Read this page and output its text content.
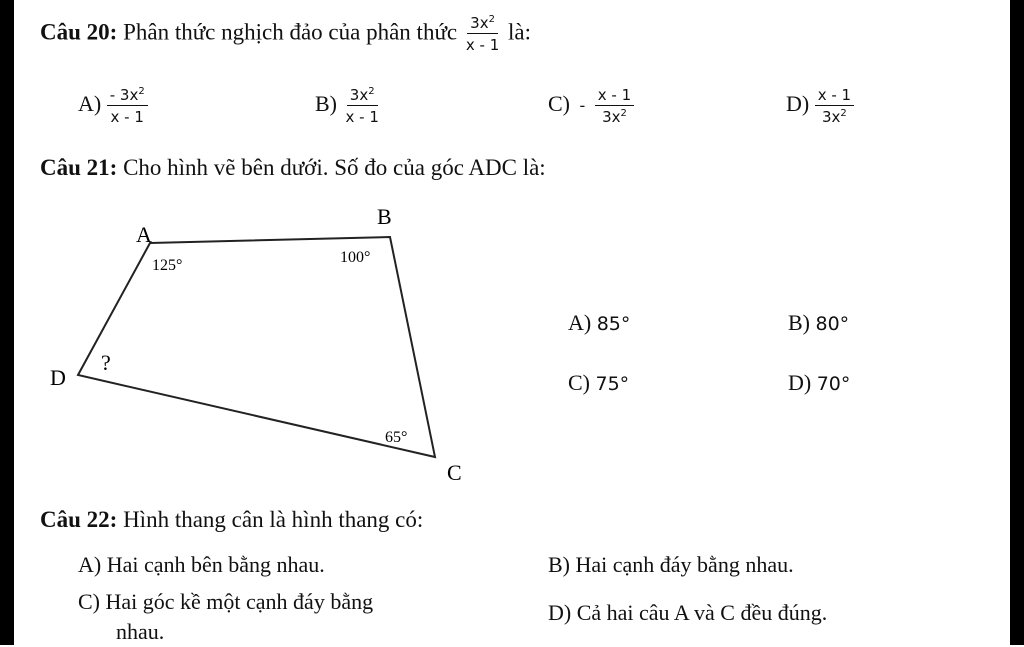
Câu 20: Phân thức nghịch đảo của phân thức $\frac{3x^2}{x - 1}$ là:
$A) \frac{- 3x^2}{x - 1}$	$B) \frac{3x^2}{x - 1}$	$C) - \frac{x - 1}{3x^2}$	$D) \frac{x - 1}{3x^2}$
Câu 21: Cho hình vẽ bên dưới. Số đo của góc ADC là:
A
B
C
D
125°	100°
65°
?
A) 85°	B) 80°
C) 75°	D) 70°
Câu 22: Hình thang cân là hình thang có:
A) Hai cạnh bên bằng nhau.	B) Hai cạnh đáy bằng nhau.
C) Hai góc kề một cạnh đáy bằng
nhau.
D) Cả hai câu A và C đều đúng.
